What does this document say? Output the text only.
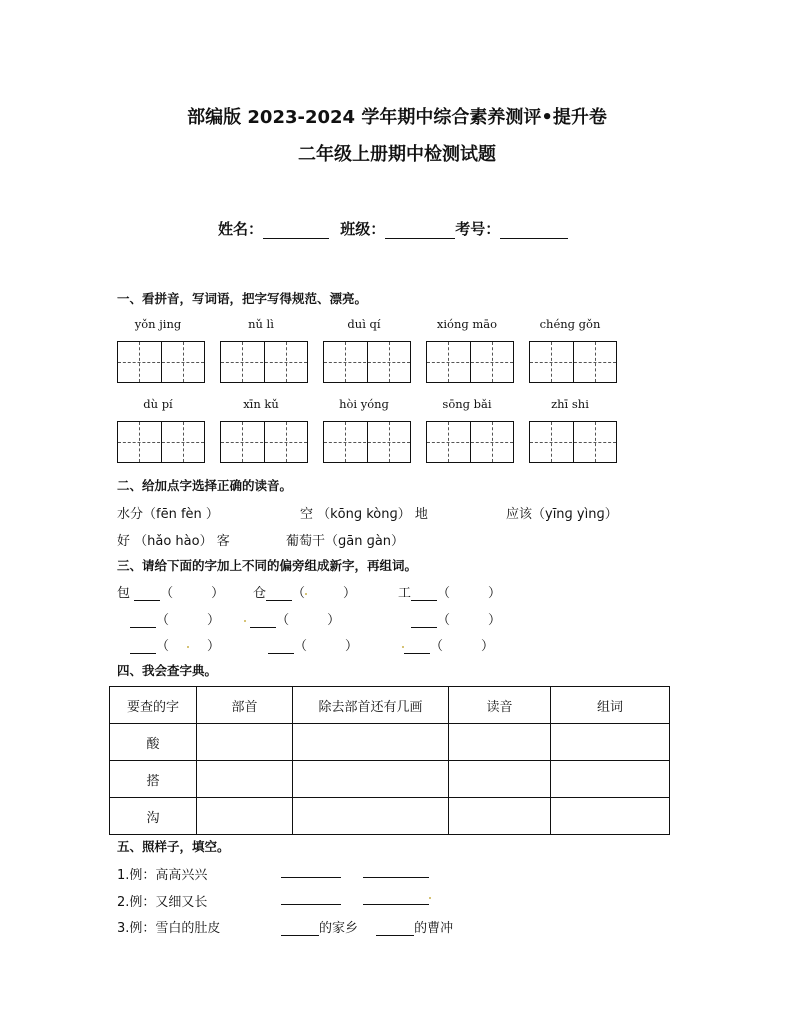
部编版 2023-2024 学年期中综合素养测评•提升卷
二年级上册期中检测试题
姓名：	班级：	考号：
一、看拼音，写词语，把字写得规范、漂亮。
yǒn jing	nǔ lì	duì qí	xiónɡ māo	chénɡ gǒn
dù pí	xīn kǔ	hòi yónɡ	sōnɡ bǎi	zhī shi
二、给加点字选择正确的读音。
水分（fēn fèn ）	空 （kōnɡ kònɡ） 地	应该（yīnɡ yìnɡ）
好 （hǎo hào） 客	葡萄干（ɡān ɡàn）
三、请给下面的字加上不同的偏旁组成新字，再组词。
包 （	） 仓 （	）	工 （	）
（	）	（	）	（	）
（	）	（	）	（	）
四、我会查字典。
要查的字	部首	除去部首还有几画	读音	组词
酸				
搭				
沟				
五、照样子，填空。
1.例：高高兴兴
2.例：又细又长
3.例：雪白的肚皮	的家乡	的曹冲
